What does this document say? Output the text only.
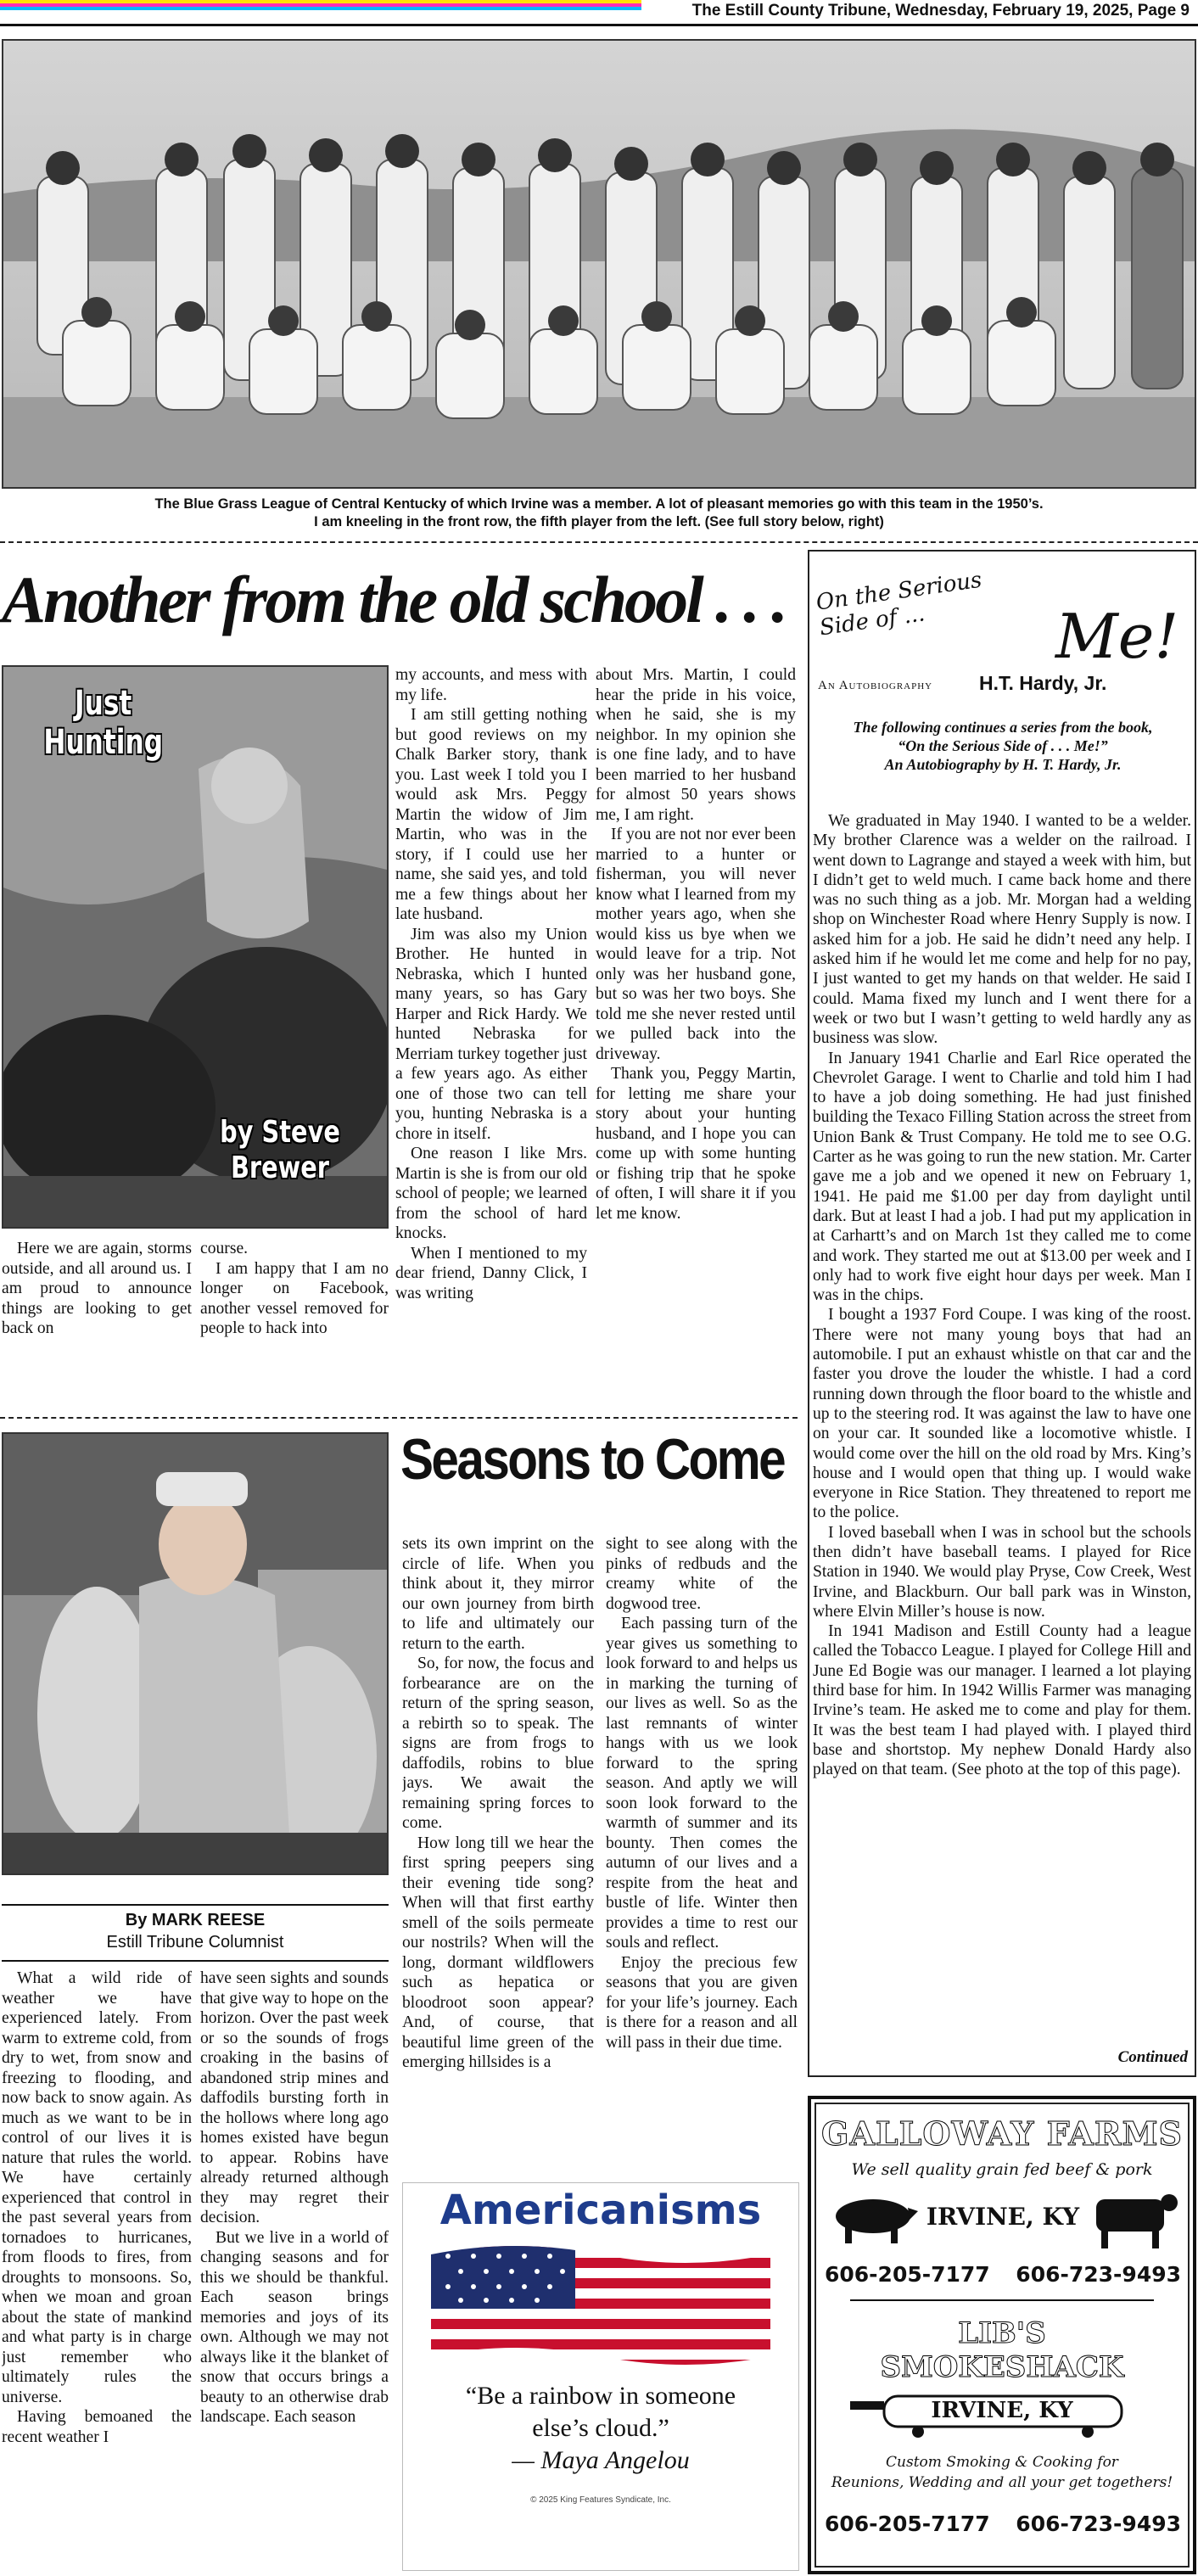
The Estill County Tribune, Wednesday, February 19, 2025, Page 9
The Blue Grass League of Central Kentucky of which Irvine was a member. A lot of pleasant memories go with this team in the 1950’s.
I am kneeling in the front row, the fifth player from the left. (See full story below, right)
Another from the old school . . .
Just
Hunting
by Steve
Brewer

Here we are again, storms outside, and all around us. I am proud to announce things are looking to get back on

course.

I am happy that I am no longer on Facebook, another vessel removed for people to hack into

my accounts, and mess with my life.

I am still getting nothing but good reviews on my Chalk Barker story, thank you. Last week I told you I would ask Mrs. Peggy Martin the widow of Jim Martin, who was in the story, if I could use her name, she said yes, and told me a few things about her late husband.

Jim was also my Union Brother. He hunted in Nebraska, which I hunted many years, so has Gary Harper and Rick Hardy. We hunted Nebraska for Merriam turkey together just a few years ago. As either one of those two can tell you, hunting Nebraska is a chore in itself.

One reason I like Mrs. Martin is she is from our old school of people; we learned from the school of hard knocks.

When I mentioned to my dear friend, Danny Click, I was writing

about Mrs. Martin, I could hear the pride in his voice, when he said, she is my neighbor. In my opinion she is one fine lady, and to have been married to her husband for almost 50 years shows me, I am right.

If you are not nor ever been married to a hunter or fisherman, you will never know what I learned from my mother years ago, when she would kiss us bye when we would leave for a trip. Not only was her husband gone, but so was her two boys. She told me she never rested until we pulled back into the driveway.

Thank you, Peggy Martin, for letting me share your story about your hunting husband, and I hope you can come up with some hunting or fishing trip that he spoke of often, I will share it if you let me know.

By MARK REESE
Estill Tribune Columnist
Seasons to Come

What a wild ride of weather we have experienced lately. From warm to extreme cold, from dry to wet, from snow and freezing to flooding, and now back to snow again. As much as we want to be in control of our lives it is nature that rules the world. We have certainly experienced that control in the past several years from tornadoes to hurricanes, from floods to fires, from droughts to monsoons. So, when we moan and groan about the state of mankind and what party is in charge just remember who ultimately rules the universe.

Having bemoaned the recent weather I

have seen sights and sounds that give way to hope on the horizon. Over the past week or so the sounds of frogs croaking in the basins of abandoned strip mines and daffodils bursting forth in the hollows where long ago homes existed have begun to appear. Robins have already returned although they may regret their decision.

But we live in a world of changing seasons and for this we should be thankful. Each season brings memories and joys of its own. Although we may not always like it the blanket of snow that occurs brings a beauty to an otherwise drab landscape. Each season

sets its own imprint on the circle of life. When you think about it, they mirror our own journey from birth to life and ultimately our return to the earth.

So, for now, the focus and forbearance are on the return of the spring season, a rebirth so to speak. The signs are from frogs to daffodils, robins to blue jays. We await the remaining spring forces to come.

How long till we hear the first spring peepers sing their evening tide song? When will that first earthy smell of the soils permeate our nostrils? When will the long, dormant wildflowers such as hepatica or bloodroot soon appear? And, of course, that beautiful lime green of the emerging hillsides is a

sight to see along with the pinks of redbuds and the creamy white of the dogwood tree.

Each passing turn of the year gives us something to look forward to and helps us in marking the turning of our lives as well. So as the last remnants of winter hangs with us we look forward to the spring season. And aptly we will soon look forward to the warmth of summer and its bounty. Then comes the autumn of our lives and a respite from the heat and bustle of life. Winter then provides a time to rest our souls and reflect.

Enjoy the precious few seasons that you are given for your life’s journey. Each is there for a reason and all will pass in their due time.

Americanisms
“Be a rainbow in someone
else’s cloud.”
— Maya Angelou
© 2025 King Features Syndicate, Inc.
On the Serious Side of ...	Me!
An Autobiography H.T. Hardy, Jr.
The following continues a series from the book,
“On the Serious Side of . . . Me!”
An Autobiography by H. T. Hardy, Jr.

We graduated in May 1940. I wanted to be a welder. My brother Clarence was a welder on the railroad. I went down to Lagrange and stayed a week with him, but I didn’t get to weld much. I came back home and there was no such thing as a job. Mr. Morgan had a welding shop on Winchester Road where Henry Supply is now. I asked him for a job. He said he didn’t need any help. I asked him if he would let me come and help for no pay, I just wanted to get my hands on that welder. He said I could. Mama fixed my lunch and I went there for a week or two but I wasn’t getting to weld hardly any as business was slow.

In January 1941 Charlie and Earl Rice operated the Chevrolet Garage. I went to Charlie and told him I had to have a job doing something. He had just finished building the Texaco Filling Station across the street from Union Bank & Trust Company. He told me to see O.G. Carter as he was going to run the new station. Mr. Carter gave me a job and we opened it new on February 1, 1941. He paid me $1.00 per day from daylight until dark. But at least I had a job. I had put my application in at Carhartt’s and on March 1st they called me to come and work. They started me out at $13.00 per week and I only had to work five eight hour days per week. Man I was in the chips.

I bought a 1937 Ford Coupe. I was king of the roost. There were not many young boys that had an automobile. I put an exhaust whistle on that car and the faster you drove the louder the whistle. I had a cord running down through the floor board to the whistle and up to the steering rod. It was against the law to have one on your car. It sounded like a locomotive whistle. I would come over the hill on the old road by Mrs. King’s house and I would open that thing up. I would wake everyone in Rice Station. They threatened to report me to the police.

I loved baseball when I was in school but the schools then didn’t have baseball teams. I played for Rice Station in 1940. We would play Pryse, Cow Creek, West Irvine, and Blackburn. Our ball park was in Winston, where Elvin Miller’s house is now.

In 1941 Madison and Estill County had a league called the Tobacco League. I played for College Hill and June Ed Bogie was our manager. I learned a lot playing third base for him. In 1942 Willis Farmer was managing Irvine’s team. He asked me to come and play for them. It was the best team I had played with. I played third base and shortstop. My nephew Donald Hardy also played on that team. (See photo at the top of this page).

Continued
GALLOWAY FARMS
We sell quality grain fed beef & pork
IRVINE, KY
606-205-7177 606-723-9493
LIB'S
SMOKESHACK
IRVINE, KY
Custom Smoking & Cooking for
Reunions, Wedding and all your get togethers!
606-205-7177 606-723-9493
